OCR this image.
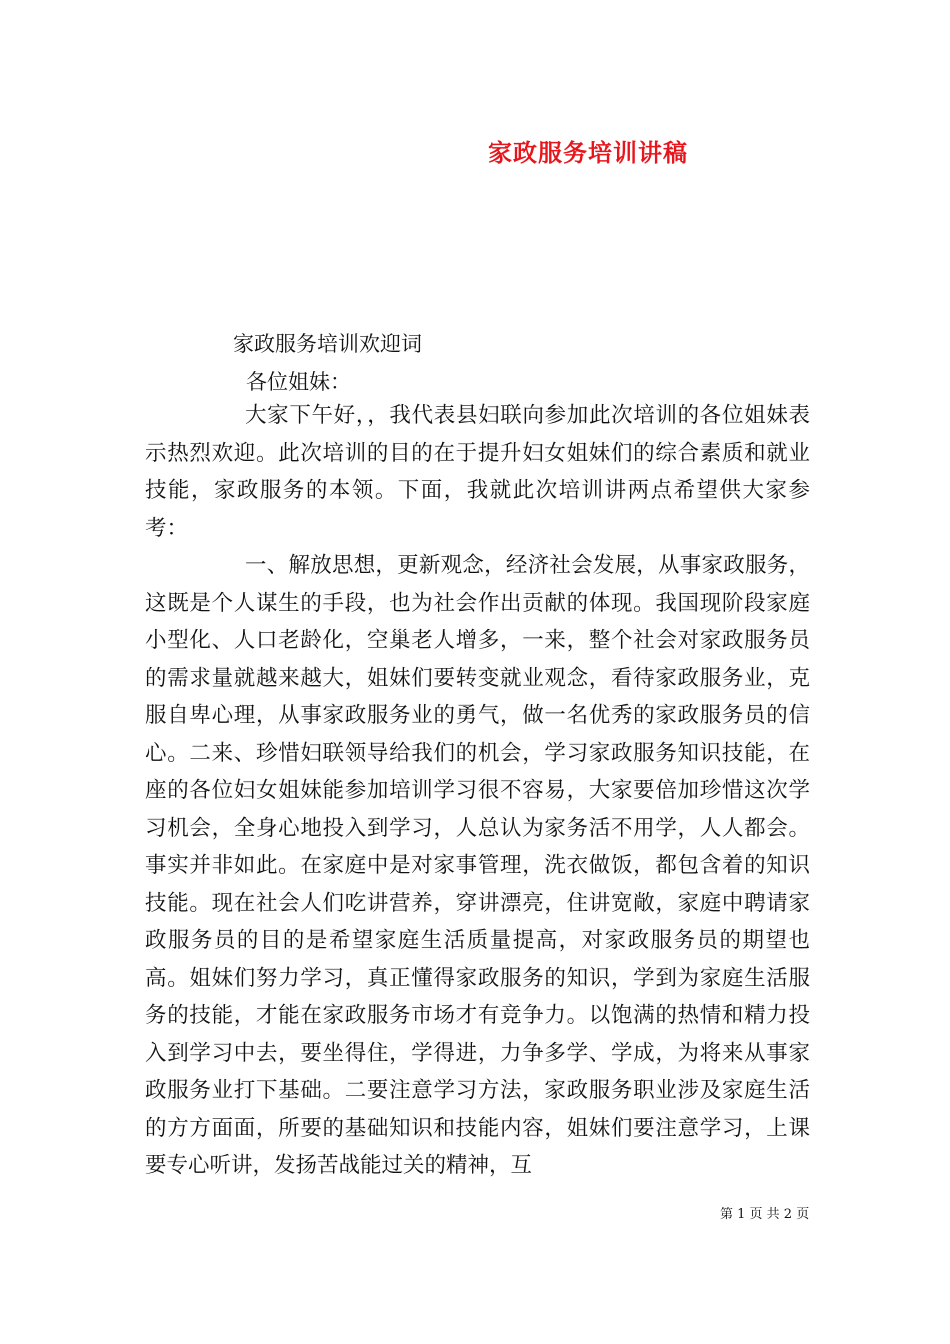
家政服务培训讲稿
家政服务培训欢迎词
各位姐妹：

大家下午好，，我代表县妇联向参加此次培训的各位姐妹表示热烈欢迎。此次培训的目的在于提升妇女姐妹们的综合素质和就业技能，家政服务的本领。下面，我就此次培训讲两点希望供大家参考：

一、解放思想，更新观念，经济社会发展，从事家政服务，这既是个人谋生的手段，也为社会作出贡献的体现。我国现阶段家庭小型化、人口老龄化，空巢老人增多，一来，整个社会对家政服务员的需求量就越来越大，姐妹们要转变就业观念，看待家政服务业，克服自卑心理，从事家政服务业的勇气，做一名优秀的家政服务员的信心。二来、珍惜妇联领导给我们的机会，学习家政服务知识技能，在座的各位妇女姐妹能参加培训学习很不容易，大家要倍加珍惜这次学习机会，全身心地投入到学习，人总认为家务活不用学，人人都会。事实并非如此。在家庭中是对家事管理，洗衣做饭，都包含着的知识技能。现在社会人们吃讲营养，穿讲漂亮，住讲宽敞，家庭中聘请家政服务员的目的是希望家庭生活质量提高，对家政服务员的期望也高。姐妹们努力学习，真正懂得家政服务的知识，学到为家庭生活服务的技能，才能在家政服务市场才有竞争力。以饱满的热情和精力投入到学习中去，要坐得住，学得进，力争多学、学成，为将来从事家政服务业打下基础。二要注意学习方法，家政服务职业涉及家庭生活的方方面面，所要的基础知识和技能内容，姐妹们要注意学习，上课要专心听讲，发扬苦战能过关的精神，互

第 1 页 共 2 页
